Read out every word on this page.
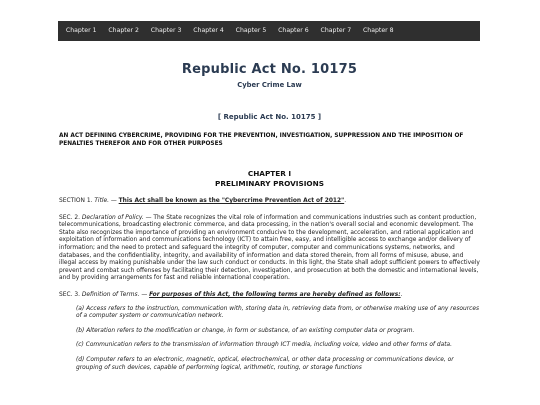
Chapter 1	Chapter 2	Chapter 3	Chapter 4	Chapter 5	Chapter 6	Chapter 7	Chapter 8
Republic Act No. 10175
Cyber Crime Law
[ Republic Act No. 10175 ]
AN ACT DEFINING CYBERCRIME, PROVIDING FOR THE PREVENTION, INVESTIGATION, SUPPRESSION AND THE IMPOSITION OF PENALTIES THEREFOR AND FOR OTHER PURPOSES
CHAPTER I
PRELIMINARY PROVISIONS

SECTION 1. Title. — This Act shall be known as the "Cybercrime Prevention Act of 2012".

SEC. 2. Declaration of Policy. — The State recognizes the vital role of information and communications industries such as content production, telecommunications, broadcasting electronic commerce, and data processing, in the nation's overall social and economic development. The State also recognizes the importance of providing an environment conducive to the development, acceleration, and rational application and exploitation of information and communications technology (ICT) to attain free, easy, and intelligible access to exchange and/or delivery of information; and the need to protect and safeguard the integrity of computer, computer and communications systems, networks, and databases, and the confidentiality, integrity, and availability of information and data stored therein, from all forms of misuse, abuse, and illegal access by making punishable under the law such conduct or conducts. In this light, the State shall adopt sufficient powers to effectively prevent and combat such offenses by facilitating their detection, investigation, and prosecution at both the domestic and international levels, and by providing arrangements for fast and reliable international cooperation.

SEC. 3. Definition of Terms. — For purposes of this Act, the following terms are hereby defined as follows:.

(a) Access refers to the instruction, communication with, storing data in, retrieving data from, or otherwise making use of any resources of a computer system or communication network.

(b) Alteration refers to the modification or change, in form or substance, of an existing computer data or program.

(c) Communication refers to the transmission of information through ICT media, including voice, video and other forms of data.

(d) Computer refers to an electronic, magnetic, optical, electrochemical, or other data processing or communications device, or grouping of such devices, capable of performing logical, arithmetic, routing, or storage functions
